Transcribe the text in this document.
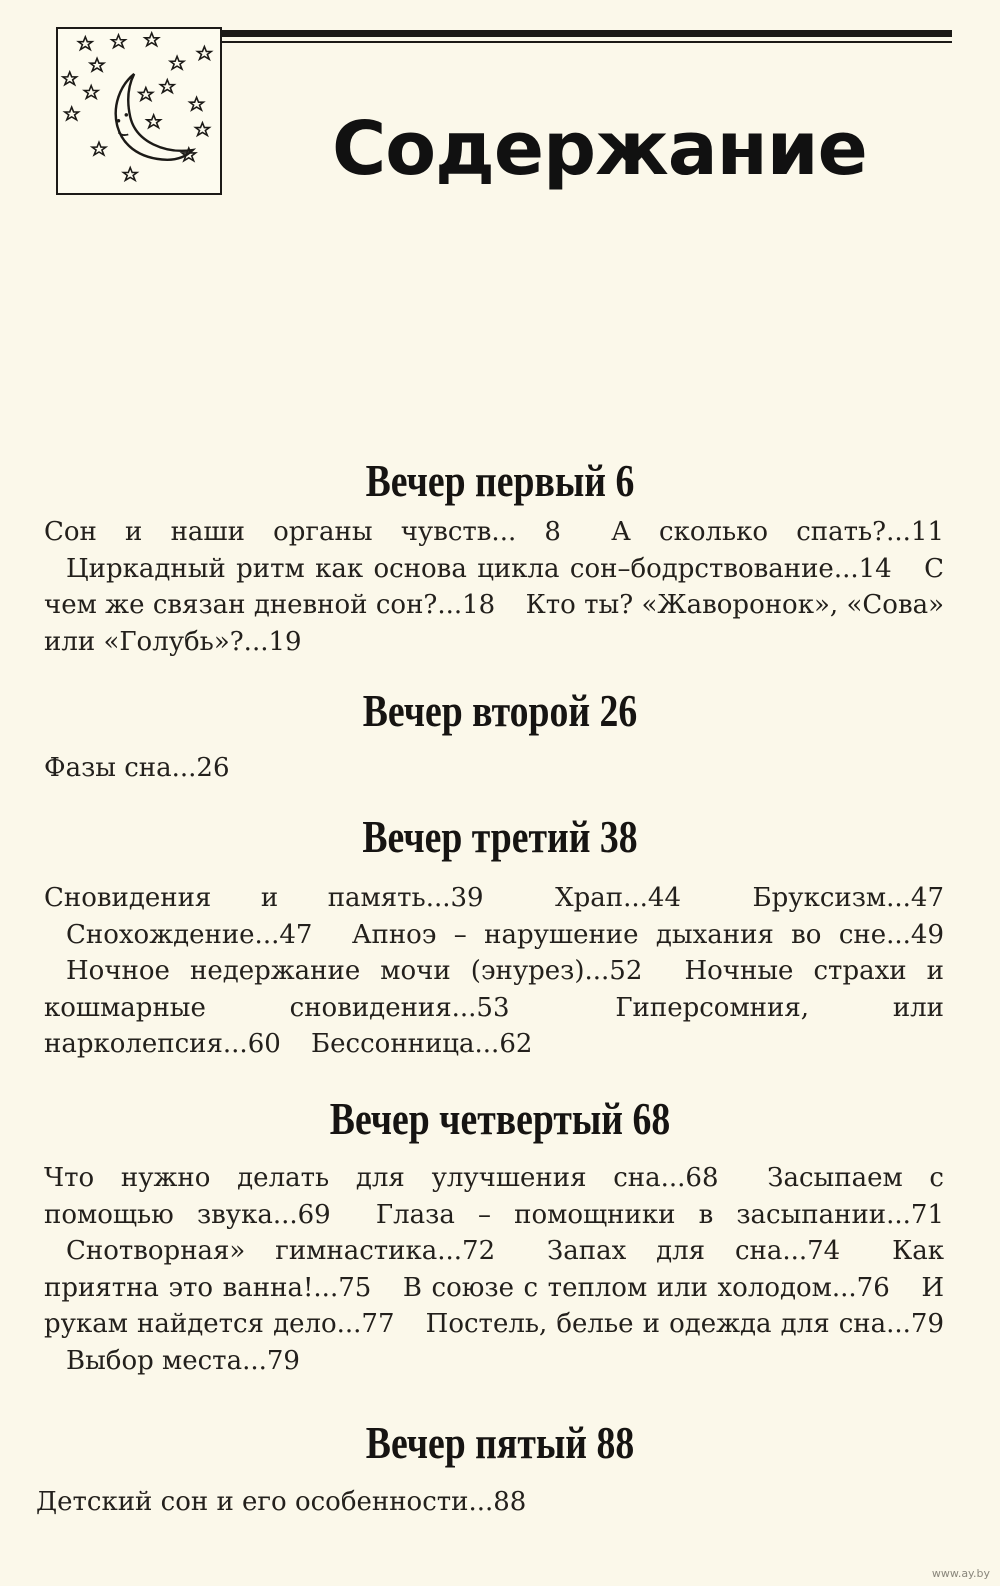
Содержание
Вечер первый 6
Сон и наши органы чувств... 8 А сколько спать?...11 Циркадный ритм как основа цикла сон–бодрствование...14 С чем же связан дневной сон?...18 Кто ты? «Жаворонок», «Сова» или «Голубь»?...19
Вечер второй 26
Фазы сна...26
Вечер третий 38
Сновидения и память...39	Храп...44	Бруксизм...47 Снохождение...47 Апноэ – нарушение дыхания во сне...49 Ночное недержание мочи (энурез)...52 Ночные страхи и кошмарные сновидения...53	Гиперсомния, или нарколепсия...60 Бессонница...62
Вечер четвертый 68
Что нужно делать для улучшения сна...68 Засыпаем с помощью звука...69 Глаза – помощники в засыпании...71 Снотворная» гимнастика...72 Запах для сна...74 Как приятна это ванна!...75 В союзе с теплом или холодом...76 И рукам найдется дело...77 Постель, белье и одежда для сна...79 Выбор места...79
Вечер пятый 88
Детский сон и его особенности...88
www.ay.by
